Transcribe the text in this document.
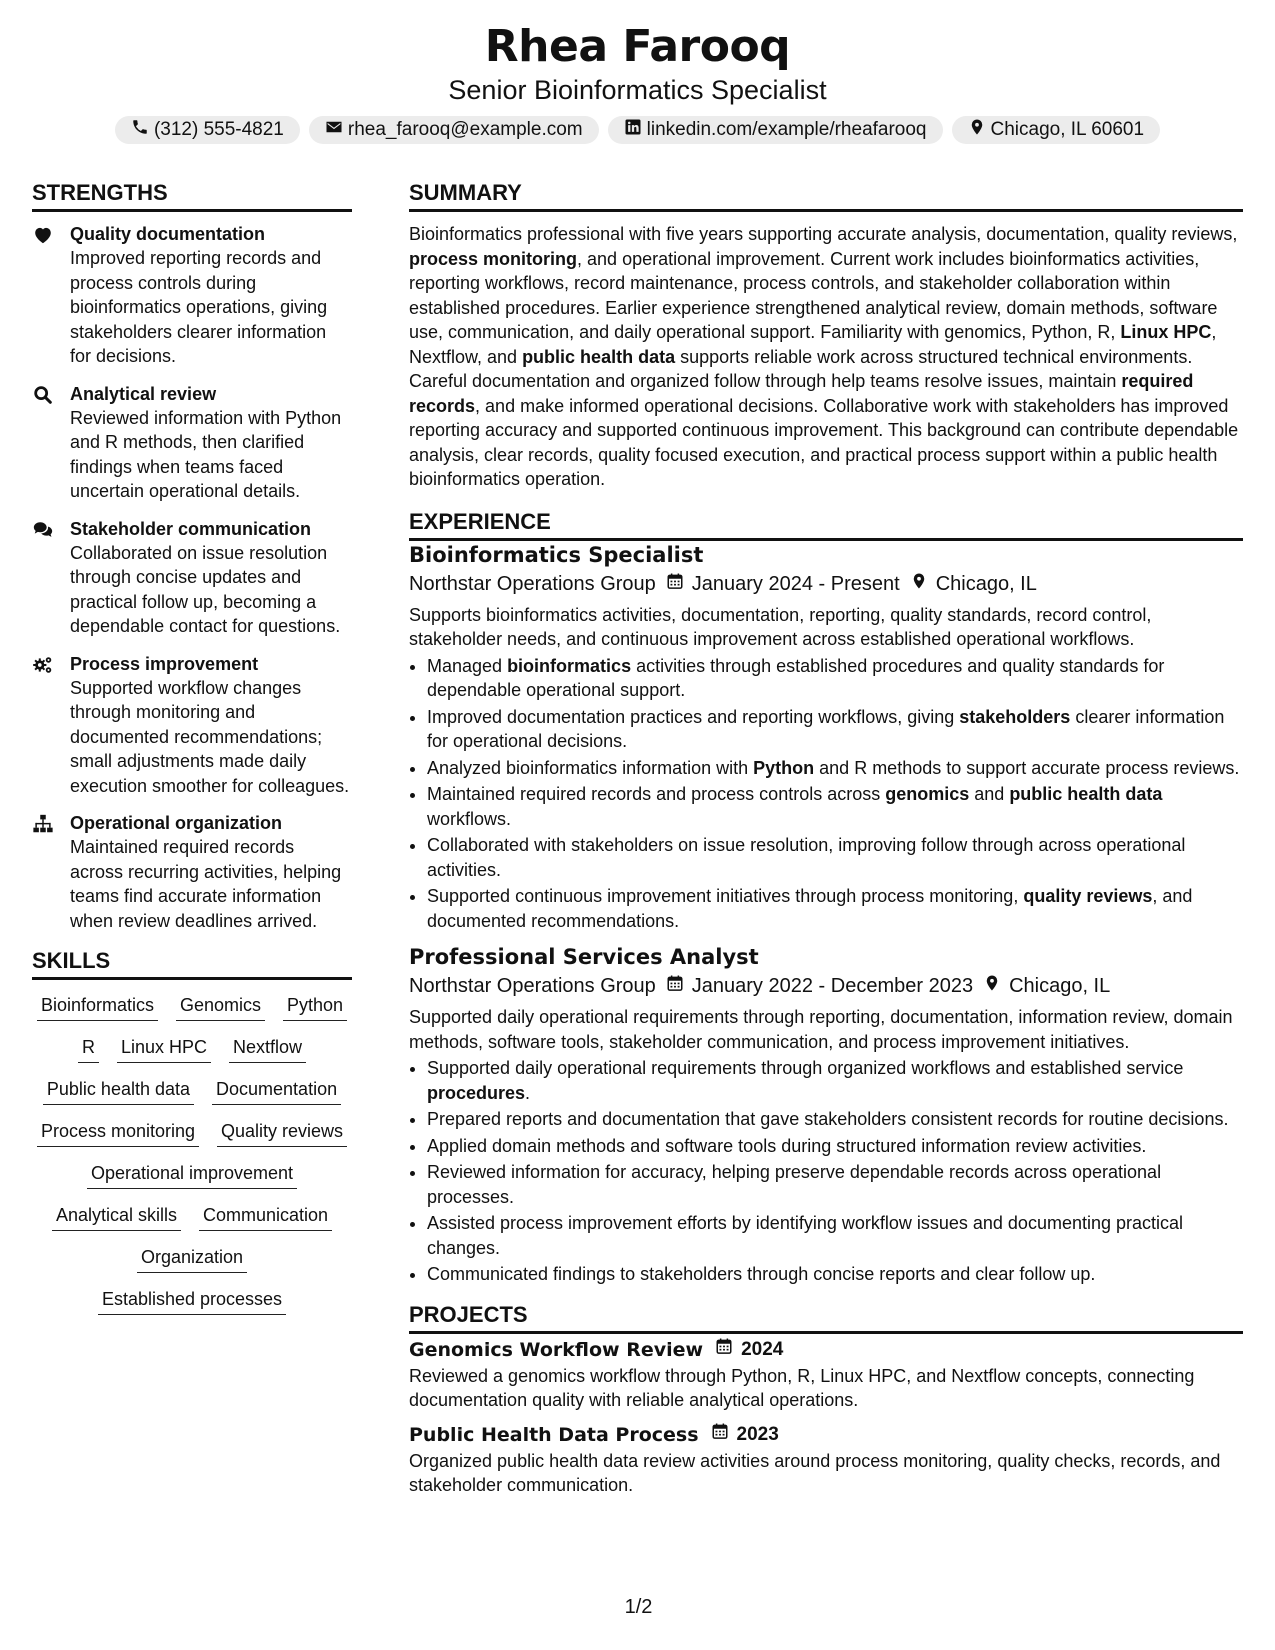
Rhea Farooq
Senior Bioinformatics Specialist
(312) 555-4821	rhea_farooq@example.com	linkedin.com/example/rheafarooq	Chicago, IL 60601
STRENGTHS
Quality documentation
Improved reporting records and process controls during bioinformatics operations, giving stakeholders clearer information for decisions.
Analytical review
Reviewed information with Python and R methods, then clarified findings when teams faced uncertain operational details.
Stakeholder communication
Collaborated on issue resolution through concise updates and practical follow up, becoming a dependable contact for questions.
Process improvement
Supported workflow changes through monitoring and documented recommendations; small adjustments made daily execution smoother for colleagues.
Operational organization
Maintained required records across recurring activities, helping teams find accurate information when review deadlines arrived.
SKILLS
Bioinformatics Genomics Python
R Linux HPC Nextflow
Public health data Documentation
Process monitoring Quality reviews
Operational improvement
Analytical skills Communication
Organization
Established processes
SUMMARY

Bioinformatics professional with five years supporting accurate analysis, documentation, quality reviews, process monitoring, and operational improvement. Current work includes bioinformatics activities, reporting workflows, record maintenance, process controls, and stakeholder collaboration within established procedures. Earlier experience strengthened analytical review, domain methods, software use, communication, and daily operational support. Familiarity with genomics, Python, R, Linux HPC, Nextflow, and public health data supports reliable work across structured technical environments. Careful documentation and organized follow through help teams resolve issues, maintain required records, and make informed operational decisions. Collaborative work with stakeholders has improved reporting accuracy and supported continuous improvement. This background can contribute dependable analysis, clear records, quality focused execution, and practical process support within a public health bioinformatics operation.

EXPERIENCE
Bioinformatics Specialist
Northstar Operations Group January 2024 - Present Chicago, IL

Supports bioinformatics activities, documentation, reporting, quality standards, record control, stakeholder needs, and continuous improvement across established operational workflows.

• Managed bioinformatics activities through established procedures and quality standards for dependable operational support.
• Improved documentation practices and reporting workflows, giving stakeholders clearer information for operational decisions.
• Analyzed bioinformatics information with Python and R methods to support accurate process reviews.
• Maintained required records and process controls across genomics and public health data workflows.
• Collaborated with stakeholders on issue resolution, improving follow through across operational activities.
• Supported continuous improvement initiatives through process monitoring, quality reviews, and documented recommendations.
Professional Services Analyst
Northstar Operations Group January 2022 - December 2023 Chicago, IL

Supported daily operational requirements through reporting, documentation, information review, domain methods, software tools, stakeholder communication, and process improvement initiatives.

• Supported daily operational requirements through organized workflows and established service procedures.
• Prepared reports and documentation that gave stakeholders consistent records for routine decisions.
• Applied domain methods and software tools during structured information review activities.
• Reviewed information for accuracy, helping preserve dependable records across operational processes.
• Assisted process improvement efforts by identifying workflow issues and documenting practical changes.
• Communicated findings to stakeholders through concise reports and clear follow up.
PROJECTS
Genomics Workflow Review 2024

Reviewed a genomics workflow through Python, R, Linux HPC, and Nextflow concepts, connecting documentation quality with reliable analytical operations.

Public Health Data Process 2023

Organized public health data review activities around process monitoring, quality checks, records, and stakeholder communication.

1/2
